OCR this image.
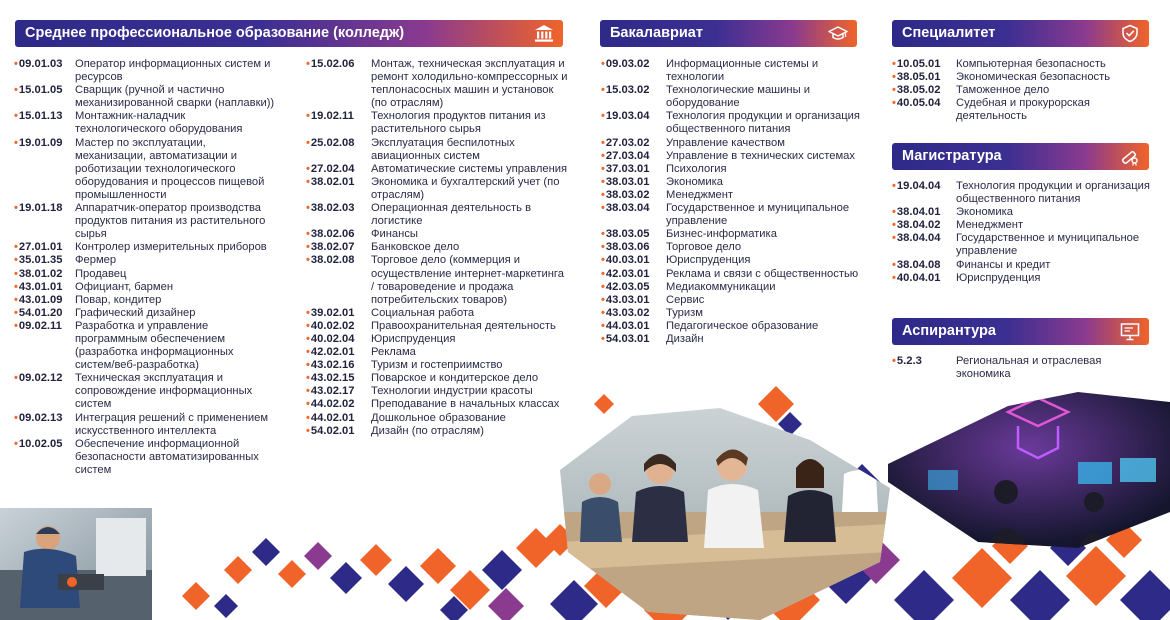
Среднее профессиональное образование (колледж)	Бакалавриат	Специалитет
Магистратура
Аспирантура
•09.01.03	Оператор информационных систем и ресурсов
•15.01.05	Сварщик (ручной и частично механизированной сварки (наплавки))
•15.01.13	Монтажник-наладчик технологического оборудования
•19.01.09	Мастер по эксплуатации, механизации, автоматизации и роботизации технологического оборудования и процессов пищевой промышленности
•19.01.18	Аппаратчик-оператор производства продуктов питания из растительного сырья
•27.01.01	Контролер измерительных приборов
•35.01.35	Фермер
•38.01.02	Продавец
•43.01.01	Официант, бармен
•43.01.09	Повар, кондитер
•54.01.20	Графический дизайнер
•09.02.11	Разработка и управление программным обеспечением (разработка информационных систем/веб-разработка)
•09.02.12	Техническая эксплуатация и сопровождение информационных систем
•09.02.13	Интеграция решений с применением искусственного интеллекта
•10.02.05	Обеспечение информационной безопасности автоматизированных систем
•15.02.06	Монтаж, техническая эксплуатация и ремонт холодильно-компрессорных и теплонасосных машин и установок (по отраслям)
•19.02.11	Технология продуктов питания из растительного сырья
•25.02.08	Эксплуатация беспилотных авиационных систем
•27.02.04	Автоматические системы управления
•38.02.01	Экономика и бухгалтерский учет (по отраслям)
•38.02.03	Операционная деятельность в логистике
•38.02.06	Финансы
•38.02.07	Банковское дело
•38.02.08	Торговое дело (коммерция и осуществление интернет-маркетинга / товароведение и продажа потребительских товаров)
•39.02.01	Социальная работа
•40.02.02	Правоохранительная деятельность
•40.02.04	Юриспруденция
•42.02.01	Реклама
•43.02.16	Туризм и гостеприимство
•43.02.15	Поварское и кондитерское дело
•43.02.17	Технологии индустрии красоты
•44.02.02	Преподавание в начальных классах
•44.02.01	Дошкольное образование
•54.02.01	Дизайн (по отраслям)
•09.03.02	Информационные системы и технологии
•15.03.02	Технологические машины и оборудование
•19.03.04	Технология продукции и организация общественного питания
•27.03.02	Управление качеством
•27.03.04	Управление в технических системах
•37.03.01	Психология
•38.03.01	Экономика
•38.03.02	Менеджмент
•38.03.04	Государственное и муниципальное управление
•38.03.05	Бизнес-информатика
•38.03.06	Торговое дело
•40.03.01	Юриспруденция
•42.03.01	Реклама и связи с общественностью
•42.03.05	Медиакоммуникации
•43.03.01	Сервис
•43.03.02	Туризм
•44.03.01	Педагогическое образование
•54.03.01	Дизайн
•10.05.01	Компьютерная безопасность
•38.05.01	Экономическая безопасность
•38.05.02	Таможенное дело
•40.05.04	Судебная и прокурорская деятельность
•19.04.04	Технология продукции и организация общественного питания
•38.04.01	Экономика
•38.04.02	Менеджмент
•38.04.04	Государственное и муниципальное управление
•38.04.08	Финансы и кредит
•40.04.01	Юриспруденция
•5.2.3	Региональная и отраслевая экономика
